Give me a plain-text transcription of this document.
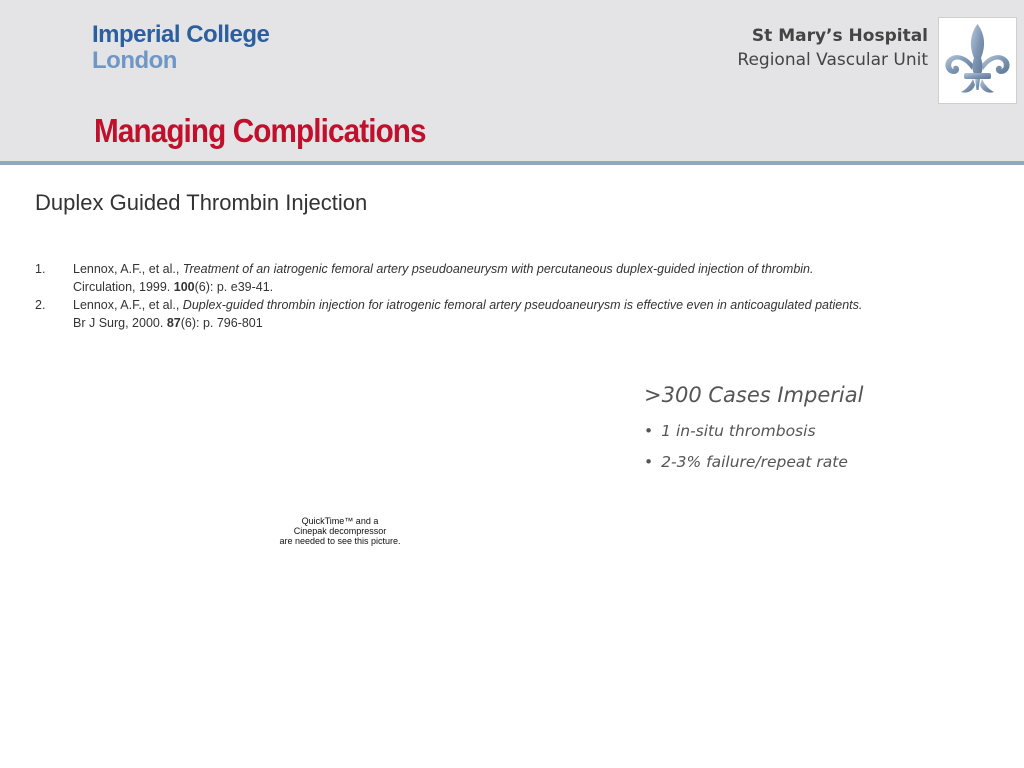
Imperial College
London
St Mary’s Hospital
Regional Vascular Unit
Managing Complications
Duplex Guided Thrombin Injection
1. Lennox, A.F., et al., Treatment of an iatrogenic femoral artery pseudoaneurysm with percutaneous duplex-guided injection of thrombin. Circulation, 1999. 100(6): p. e39-41.
2. Lennox, A.F., et al., Duplex-guided thrombin injection for iatrogenic femoral artery pseudoaneurysm is effective even in anticoagulated patients. Br J Surg, 2000. 87(6): p. 796-801
>300 Cases Imperial
• 1 in-situ thrombosis
• 2-3% failure/repeat rate
QuickTime™ and a
Cinepak decompressor
are needed to see this picture.
